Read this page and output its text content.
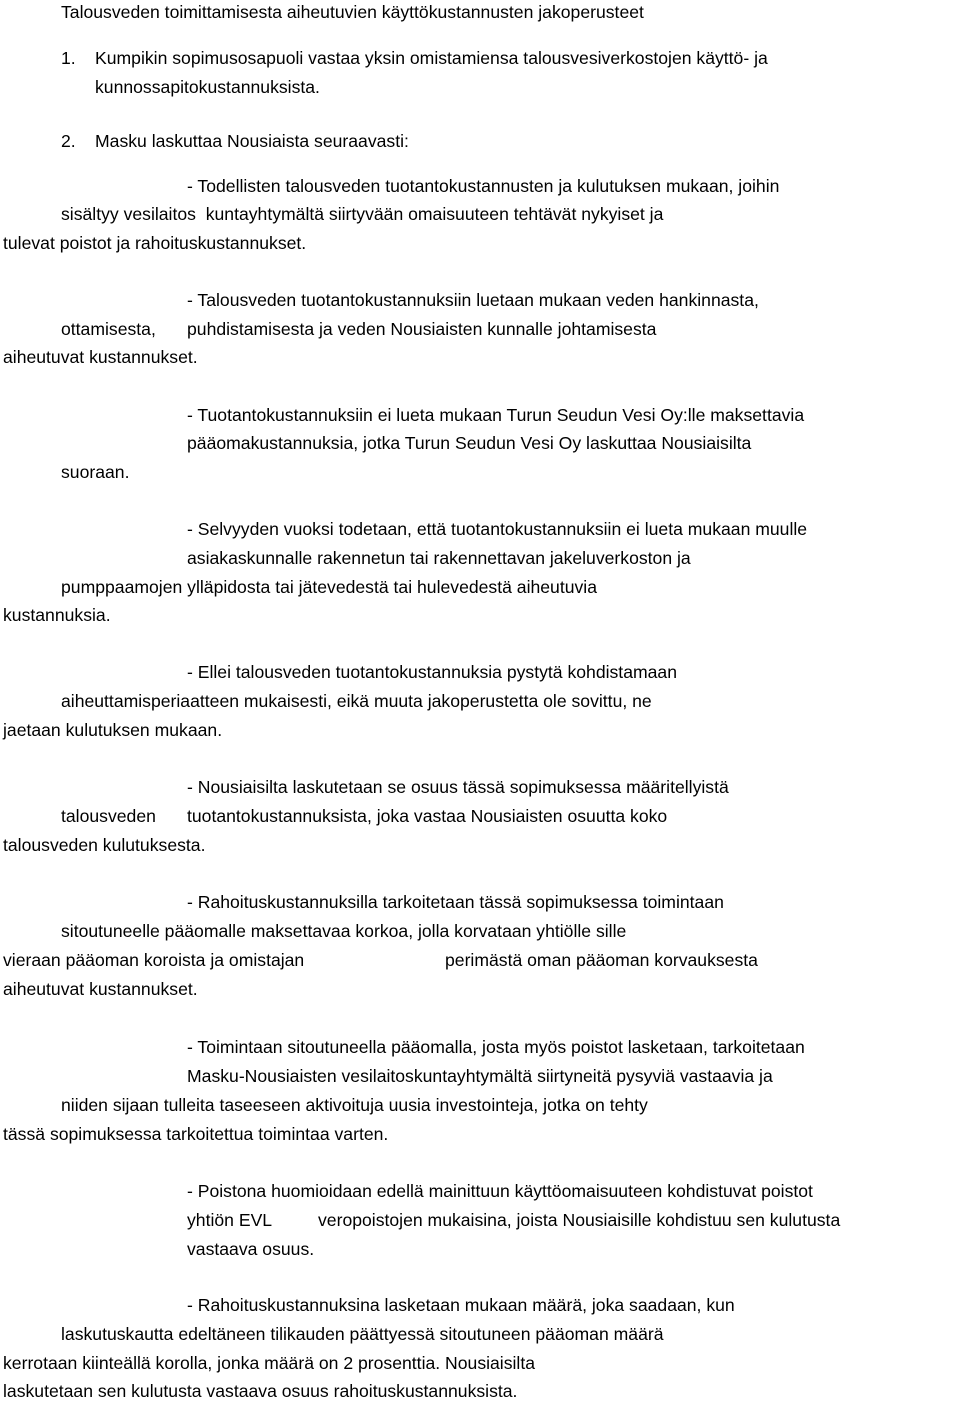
Talousveden toimittamisesta aiheutuvien käyttökustannusten jakoperusteet
1. Kumpikin sopimusosapuoli vastaa yksin omistamiensa talousvesiverkostojen käyttö- ja
kunnossapitokustannuksista.
2. Masku laskuttaa Nousiaista seuraavasti:
- Todellisten talousveden tuotantokustannusten ja kulutuksen mukaan, joihin
sisältyy vesilaitos  kuntayhtymältä siirtyvään omaisuuteen tehtävät nykyiset ja
tulevat poistot ja rahoituskustannukset.
- Talousveden tuotantokustannuksiin luetaan mukaan veden hankinnasta,
ottamisesta, puhdistamisesta ja veden Nousiaisten kunnalle johtamisesta
aiheutuvat kustannukset.
- Tuotantokustannuksiin ei lueta mukaan Turun Seudun Vesi Oy:lle maksettavia
pääomakustannuksia, jotka Turun Seudun Vesi Oy laskuttaa Nousiaisilta
suoraan.
- Selvyyden vuoksi todetaan, että tuotantokustannuksiin ei lueta mukaan muulle
asiakaskunnalle rakennetun tai rakennettavan jakeluverkoston ja
pumppaamojen ylläpidosta tai jätevedestä tai hulevedestä aiheutuvia
kustannuksia.
- Ellei talousveden tuotantokustannuksia pystytä kohdistamaan
aiheuttamisperiaatteen mukaisesti, eikä muuta jakoperustetta ole sovittu, ne
jaetaan kulutuksen mukaan.
- Nousiaisilta laskutetaan se osuus tässä sopimuksessa määritellyistä
talousveden tuotantokustannuksista, joka vastaa Nousiaisten osuutta koko
talousveden kulutuksesta.
- Rahoituskustannuksilla tarkoitetaan tässä sopimuksessa toimintaan
sitoutuneelle pääomalle maksettavaa korkoa, jolla korvataan yhtiölle sille
vieraan pääoman koroista ja omistajan	perimästä oman pääoman korvauksesta
aiheutuvat kustannukset.
- Toimintaan sitoutuneella pääomalla, josta myös poistot lasketaan, tarkoitetaan
Masku-Nousiaisten vesilaitoskuntayhtymältä siirtyneitä pysyviä vastaavia ja
niiden sijaan tulleita taseeseen aktivoituja uusia investointeja, jotka on tehty
tässä sopimuksessa tarkoitettua toimintaa varten.
- Poistona huomioidaan edellä mainittuun käyttöomaisuuteen kohdistuvat poistot
yhtiön EVL	veropoistojen mukaisina, joista Nousiaisille kohdistuu sen kulutusta
vastaava osuus.
- Rahoituskustannuksina lasketaan mukaan määrä, joka saadaan, kun
laskutuskautta edeltäneen tilikauden päättyessä sitoutuneen pääoman määrä
kerrotaan kiinteällä korolla, jonka määrä on 2 prosenttia. Nousiaisilta
laskutetaan sen kulutusta vastaava osuus rahoituskustannuksista.
